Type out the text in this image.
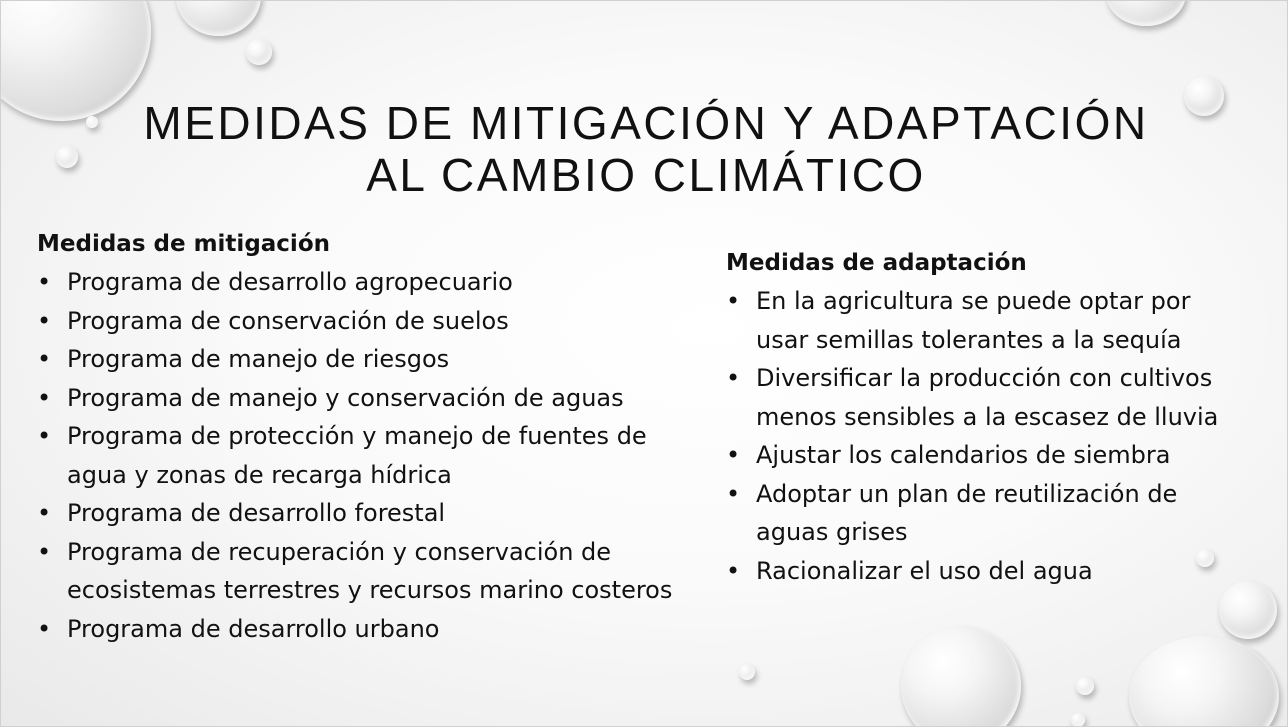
MEDIDAS DE MITIGACIÓN Y ADAPTACIÓN
AL CAMBIO CLIMÁTICO
Medidas de mitigación
• Programa de desarrollo agropecuario
• Programa de conservación de suelos
• Programa de manejo de riesgos
• Programa de manejo y conservación de aguas
• Programa de protección y manejo de fuentes de agua y zonas de recarga hídrica
• Programa de desarrollo forestal
• Programa de recuperación y conservación de ecosistemas terrestres y recursos marino costeros
• Programa de desarrollo urbano
Medidas de adaptación
• En la agricultura se puede optar por usar semillas tolerantes a la sequía
• Diversificar la producción con cultivos menos sensibles a la escasez de lluvia
• Ajustar los calendarios de siembra
• Adoptar un plan de reutilización de aguas grises
• Racionalizar el uso del agua
